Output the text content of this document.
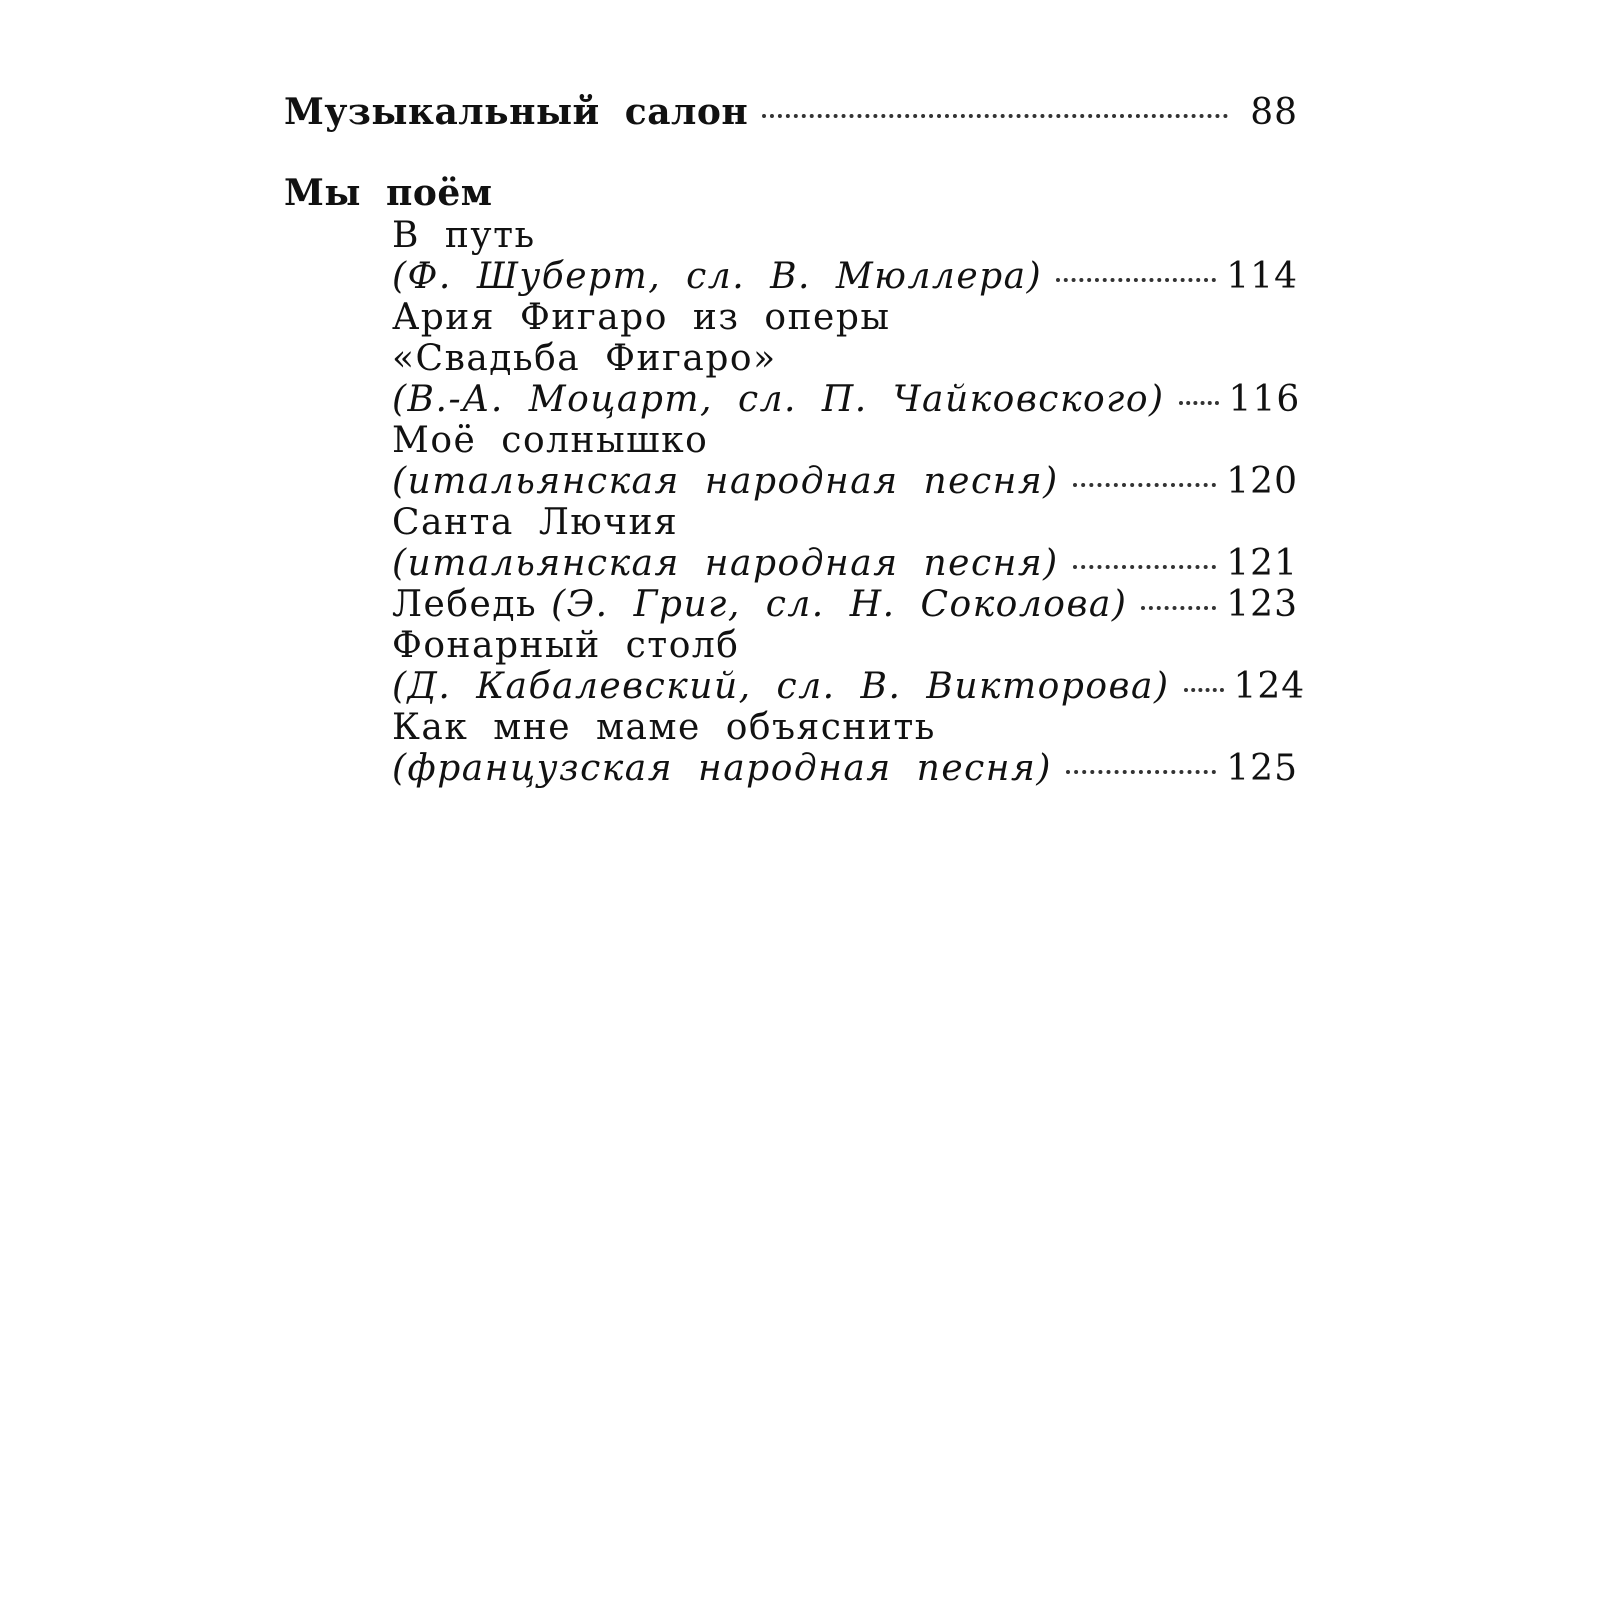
Музыкальный салон	88
Мы поём
В путь
(Ф. Шуберт, сл. В. Мюллера)	114
Ария Фигаро из оперы
«Свадьба Фигаро»
(В.-А. Моцарт, сл. П. Чайковского) 116
Моё солнышко
(итальянская народная песня)	120
Санта Лючия
(итальянская народная песня)	121
Лебедь (Э. Григ, сл. Н. Соколова)	123
Фонарный столб
(Д. Кабалевский, сл. В. Викторова) 124
Как мне маме объяснить
(французская народная песня)	125
